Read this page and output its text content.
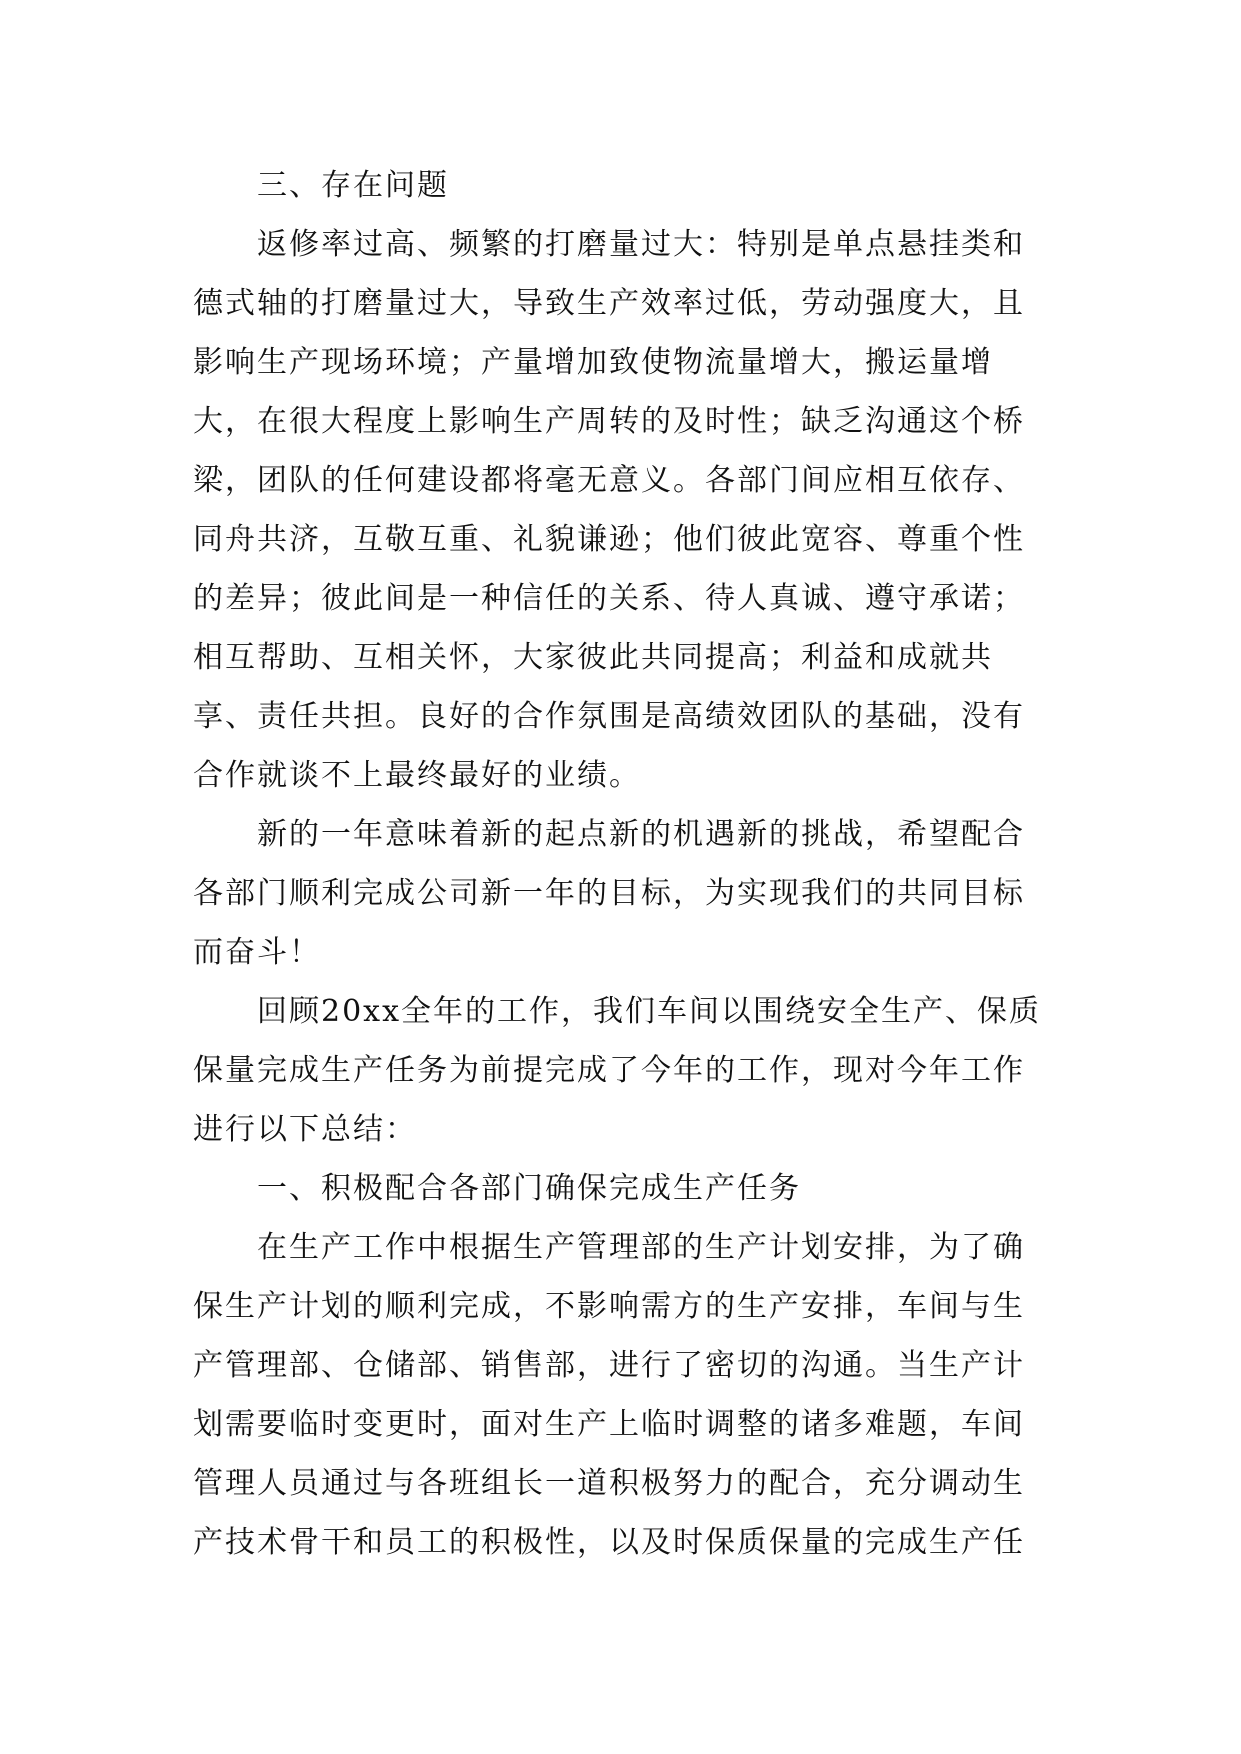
三、存在问题

返修率过高、频繁的打磨量过大：特别是单点悬挂类和德式轴的打磨量过大，导致生产效率过低，劳动强度大，且影响生产现场环境；产量增加致使物流量增大，搬运量增大，在很大程度上影响生产周转的及时性；缺乏沟通这个桥梁，团队的任何建设都将毫无意义。各部门间应相互依存、同舟共济，互敬互重、礼貌谦逊；他们彼此宽容、尊重个性的差异；彼此间是一种信任的关系、待人真诚、遵守承诺；相互帮助、互相关怀，大家彼此共同提高；利益和成就共享、责任共担。良好的合作氛围是高绩效团队的基础，没有合作就谈不上最终最好的业绩。

新的一年意味着新的起点新的机遇新的挑战，希望配合各部门顺利完成公司新一年的目标，为实现我们的共同目标而奋斗！

回顾20xx全年的工作，我们车间以围绕安全生产、保质保量完成生产任务为前提完成了今年的工作，现对今年工作进行以下总结：

一、积极配合各部门确保完成生产任务

在生产工作中根据生产管理部的生产计划安排，为了确保生产计划的顺利完成，不影响需方的生产安排，车间与生产管理部、仓储部、销售部，进行了密切的沟通。当生产计划需要临时变更时，面对生产上临时调整的诸多难题，车间管理人员通过与各班组长一道积极努力的配合，充分调动生产技术骨干和员工的积极性，以及时保质保量的完成生产任
